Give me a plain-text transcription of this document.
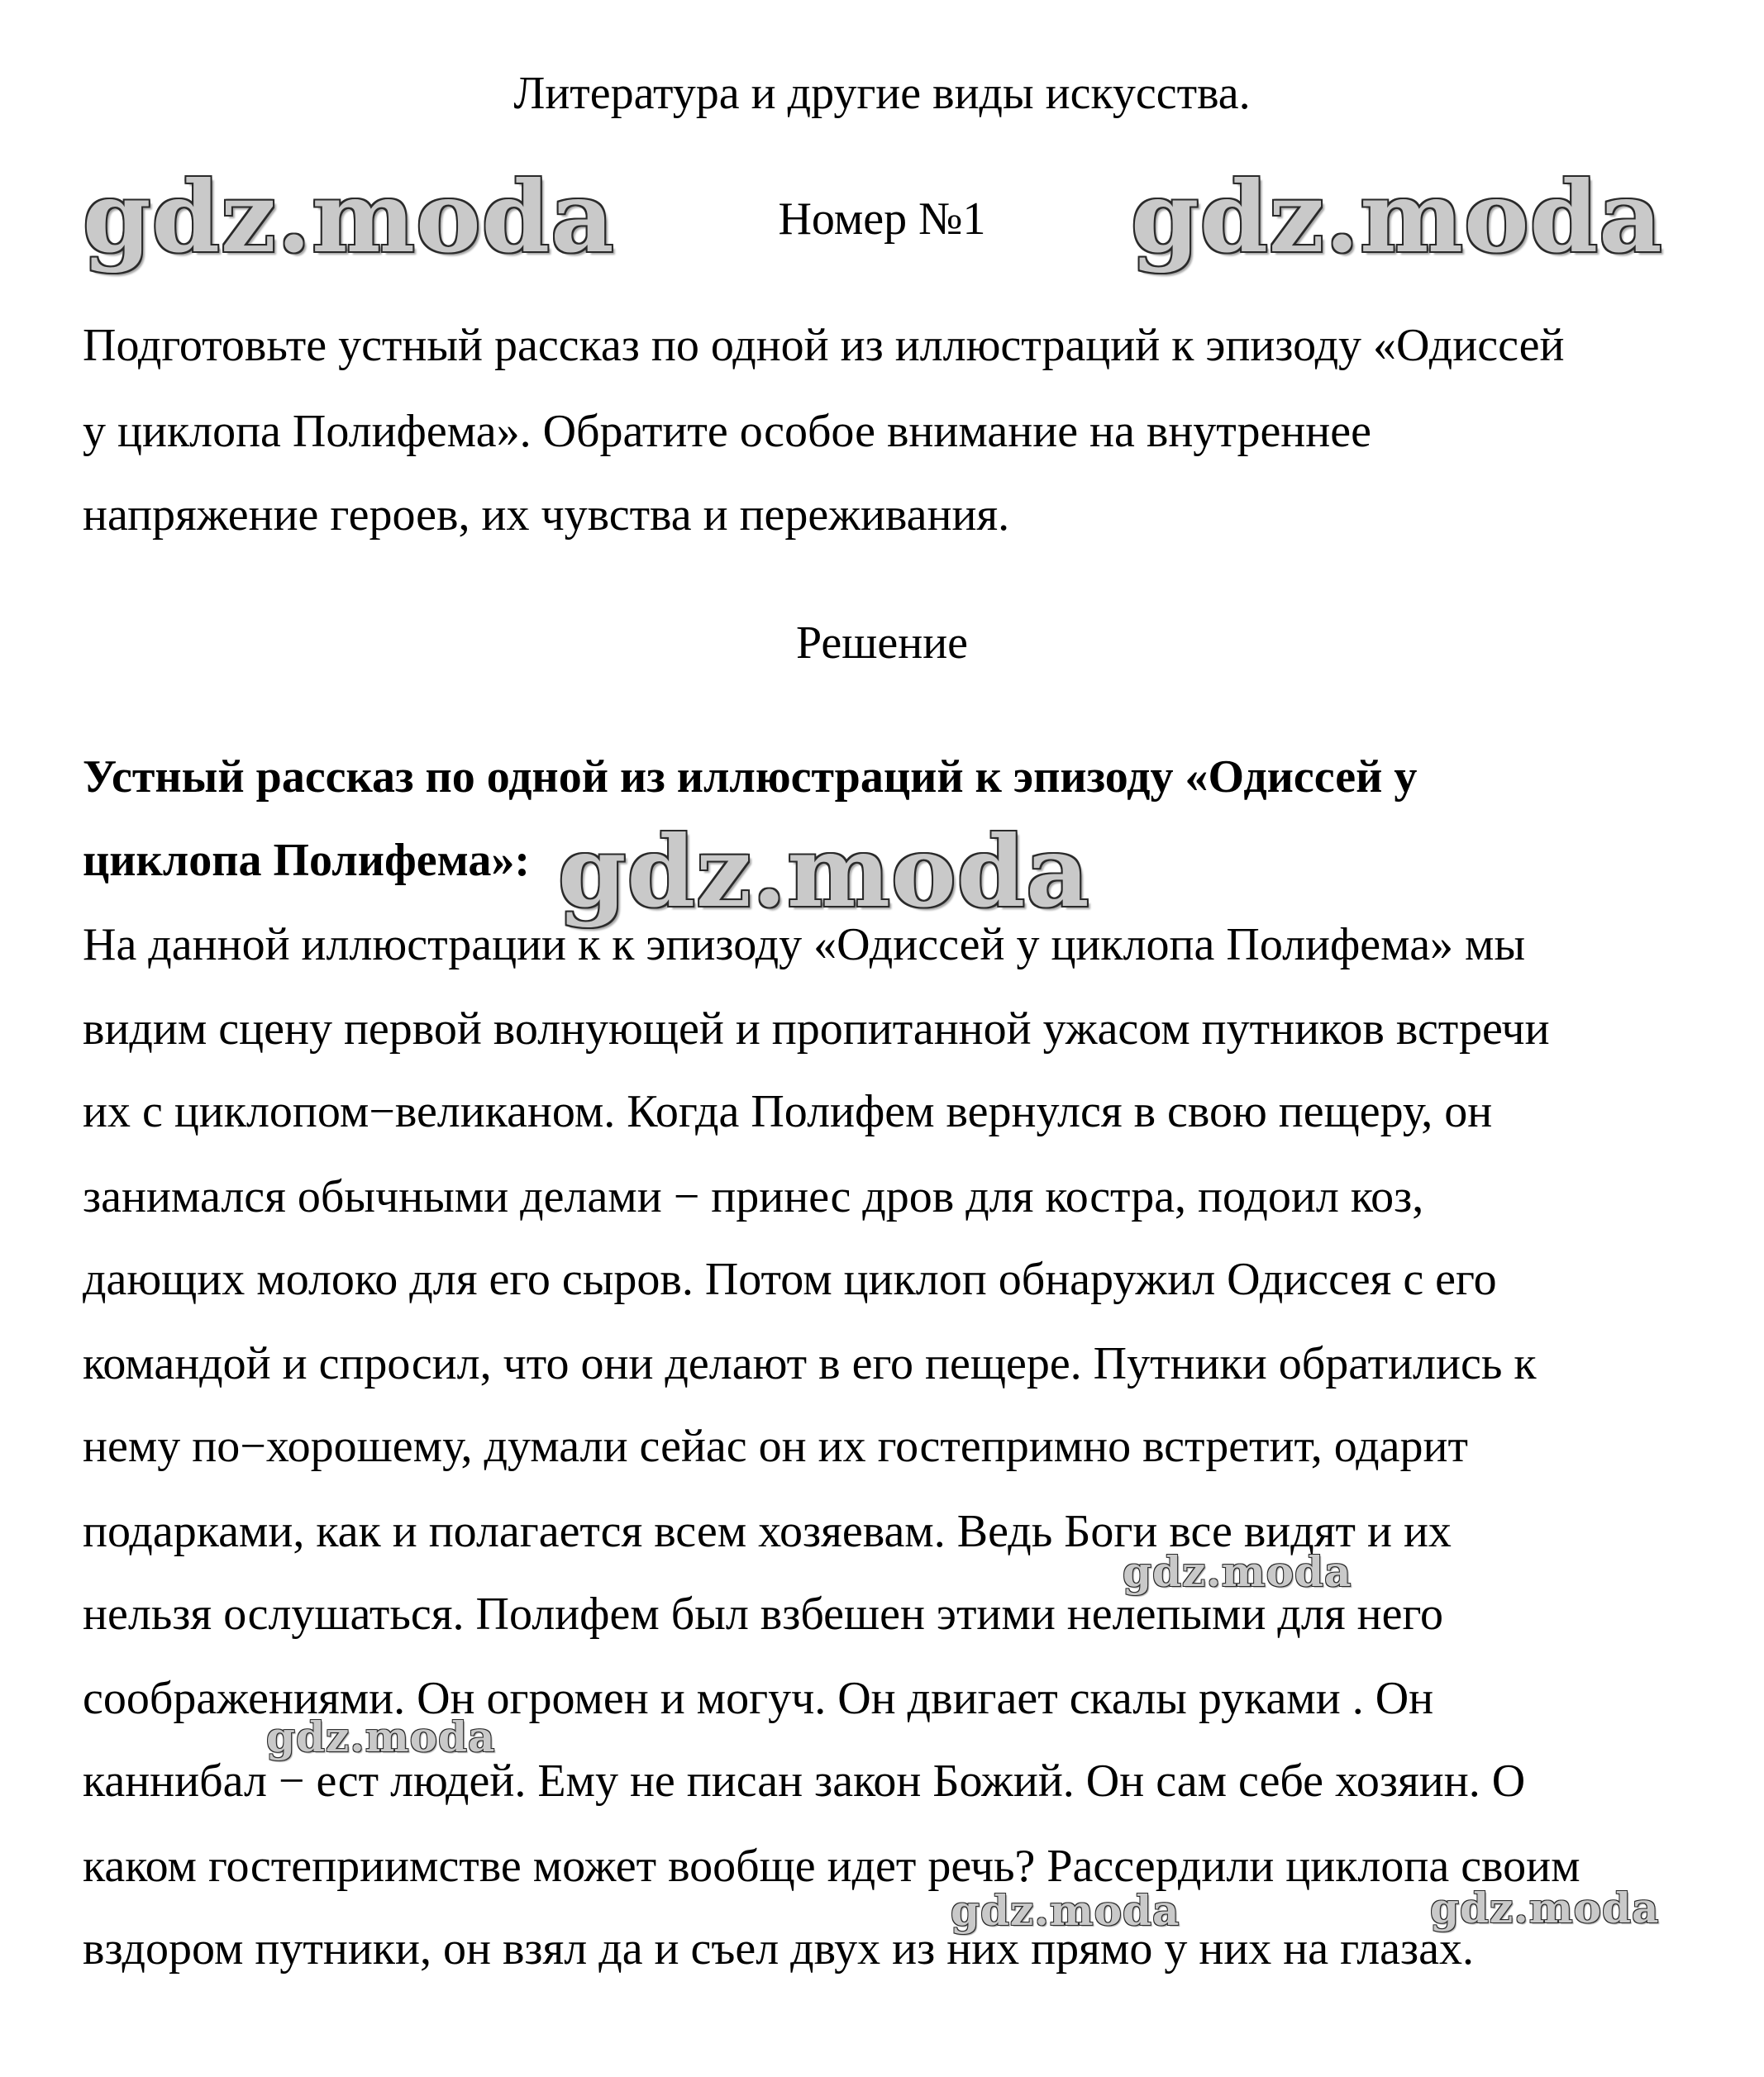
Литература и другие виды искусства.
Номер №1
Подготовьте устный рассказ по одной из иллюстраций к эпизоду «Одиссей
у циклопа Полифема». Обратите особое внимание на внутреннее
напряжение героев, их чувства и переживания.
Решение
Устный рассказ по одной из иллюстраций к эпизоду «Одиссей у
циклопа Полифема»:
На данной иллюстрации к к эпизоду «Одиссей у циклопа Полифема» мы
видим сцену первой волнующей и пропитанной ужасом путников встречи
их с циклопом−великаном. Когда Полифем вернулся в свою пещеру, он
занимался обычными делами − принес дров для костра, подоил коз,
дающих молоко для его сыров. Потом циклоп обнаружил Одиссея с его
командой и спросил, что они делают в его пещере. Путники обратились к
нему по−хорошему, думали сейас он их гостепримно встретит, одарит
подарками, как и полагается всем хозяевам. Ведь Боги все видят и их
нельзя ослушаться. Полифем был взбешен этими нелепыми для него
соображениями. Он огромен и могуч. Он двигает скалы руками . Он
каннибал − ест людей. Ему не писан закон Божий. Он сам себе хозяин. О
каком гостеприимстве может вообще идет речь? Рассердили циклопа своим
вздором путники, он взял да и съел двух из них прямо у них на глазах.
gdz.moda	gdz.moda
gdz.moda
gdz.moda
gdz.moda
gdz.moda	gdz.moda
